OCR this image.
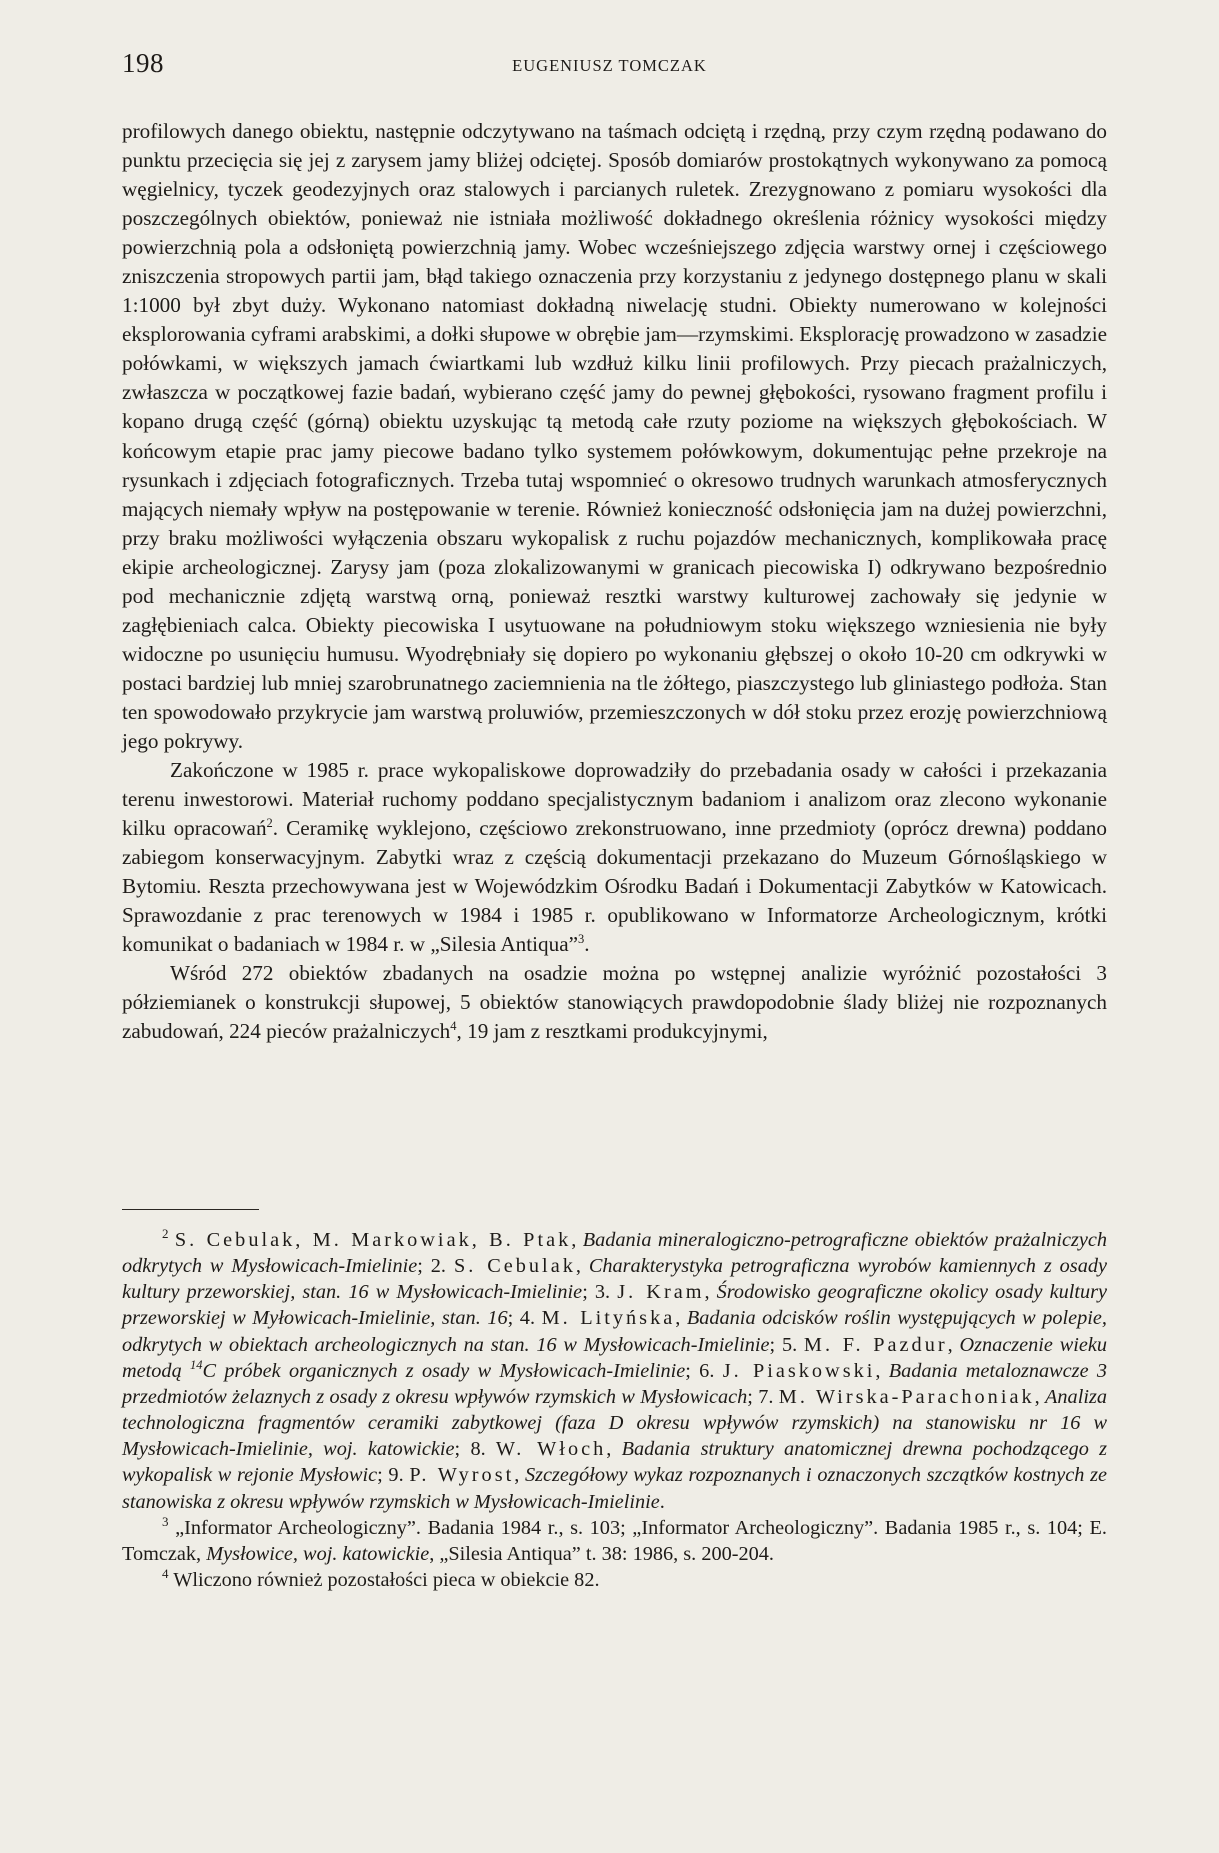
198	EUGENIUSZ TOMCZAK

profilowych danego obiektu, następnie odczytywano na taśmach odciętą i rzędną, przy czym rzędną podawano do punktu przecięcia się jej z zarysem jamy bliżej odciętej. Sposób domiarów prostokątnych wykonywano za pomocą węgielnicy, tyczek geodezyjnych oraz stalowych i parcianych ruletek. Zrezygnowano z pomiaru wysokości dla poszczególnych obiektów, ponieważ nie istniała możliwość dokładnego określenia różnicy wysokości między powierzchnią pola a odsłoniętą powierzchnią jamy. Wobec wcześniejszego zdjęcia warstwy ornej i częściowego zniszczenia stropowych partii jam, błąd takiego oznaczenia przy korzystaniu z jedynego dostępnego planu w skali 1:1000 był zbyt duży. Wykonano natomiast dokładną niwelację studni. Obiekty numerowano w kolejności eksplorowania cyframi arabskimi, a dołki słupowe w obrębie jam—rzymskimi. Eksplorację prowadzono w zasadzie połówkami, w większych jamach ćwiartkami lub wzdłuż kilku linii profilowych. Przy piecach prażalniczych, zwłaszcza w początkowej fazie badań, wybierano część jamy do pewnej głębokości, rysowano fragment profilu i kopano drugą część (górną) obiektu uzyskując tą metodą całe rzuty poziome na większych głębokościach. W końcowym etapie prac jamy piecowe badano tylko systemem połówkowym, dokumentując pełne przekroje na rysunkach i zdjęciach fotograficznych. Trzeba tutaj wspomnieć o okresowo trudnych warunkach atmosferycznych mających niemały wpływ na postępowanie w terenie. Również konieczność odsłonięcia jam na dużej powierzchni, przy braku możliwości wyłączenia obszaru wykopalisk z ruchu pojazdów mechanicznych, komplikowała pracę ekipie archeologicznej. Zarysy jam (poza zlokalizowanymi w granicach piecowiska I) odkrywano bezpośrednio pod mechanicznie zdjętą warstwą orną, ponieważ resztki warstwy kulturowej zachowały się jedynie w zagłębieniach calca. Obiekty piecowiska I usytuowane na południowym stoku większego wzniesienia nie były widoczne po usunięciu humusu. Wyodrębniały się dopiero po wykonaniu głębszej o około 10-20 cm odkrywki w postaci bardziej lub mniej szarobrunatnego zaciemnienia na tle żółtego, piaszczystego lub gliniastego podłoża. Stan ten spowodowało przykrycie jam warstwą proluwiów, przemieszczonych w dół stoku przez erozję powierzchniową jego pokrywy.

Zakończone w 1985 r. prace wykopaliskowe doprowadziły do przebadania osady w całości i przekazania terenu inwestorowi. Materiał ruchomy poddano specjalistycznym badaniom i analizom oraz zlecono wykonanie kilku opracowań$^2$. Ceramikę wyklejono, częściowo zrekonstruowano, inne przedmioty (oprócz drewna) poddano zabiegom konserwacyjnym. Zabytki wraz z częścią dokumentacji przekazano do Muzeum Górnośląskiego w Bytomiu. Reszta przechowywana jest w Wojewódzkim Ośrodku Badań i Dokumentacji Zabytków w Katowicach. Sprawozdanie z prac terenowych w 1984 i 1985 r. opublikowano w Informatorze Archeologicznym, krótki komunikat o badaniach w 1984 r. w „Silesia Antiqua”$^3$.

Wśród 272 obiektów zbadanych na osadzie można po wstępnej analizie wyróżnić pozostałości 3 półziemianek o konstrukcji słupowej, 5 obiektów stanowiących prawdopodobnie ślady bliżej nie rozpoznanych zabudowań, 224 pieców prażalniczych$^4$, 19 jam z resztkami produkcyjnymi,

$^2$ S. Cebulak, M. Markowiak, B. Ptak, Badania mineralogiczno-petrograficzne obiektów prażalniczych odkrytych w Mysłowicach-Imielinie; 2. S. Cebulak, Charakterystyka petrograficzna wyrobów kamiennych z osady kultury przeworskiej, stan. 16 w Mysłowicach-Imielinie; 3. J. Kram, Środowisko geograficzne okolicy osady kultury przeworskiej w Myłowicach-Imielinie, stan. 16; 4. M. Lityńska, Badania odcisków roślin występujących w polepie, odkrytych w obiektach archeologicznych na stan. 16 w Mysłowicach-Imielinie; 5. M. F. Pazdur, Oznaczenie wieku metodą $^{14}$C próbek organicznych z osady w Mysłowicach-Imielinie; 6. J. Piaskowski, Badania metaloznawcze 3 przedmiotów żelaznych z osady z okresu wpływów rzymskich w Mysłowicach; 7. M. Wirska-Parachoniak, Analiza technologiczna fragmentów ceramiki zabytkowej (faza D okresu wpływów rzymskich) na stanowisku nr 16 w Mysłowicach-Imielinie, woj. katowickie; 8. W. Włoch, Badania struktury anatomicznej drewna pochodzącego z wykopalisk w rejonie Mysłowic; 9. P. Wyrost, Szczegółowy wykaz rozpoznanych i oznaczonych szczątków kostnych ze stanowiska z okresu wpływów rzymskich w Mysłowicach-Imielinie.

$^3$ „Informator Archeologiczny”. Badania 1984 r., s. 103; „Informator Archeologiczny”. Badania 1985 r., s. 104; E. Tomczak, Mysłowice, woj. katowickie, „Silesia Antiqua” t. 38: 1986, s. 200-204.

$^4$ Wliczono również pozostałości pieca w obiekcie 82.
